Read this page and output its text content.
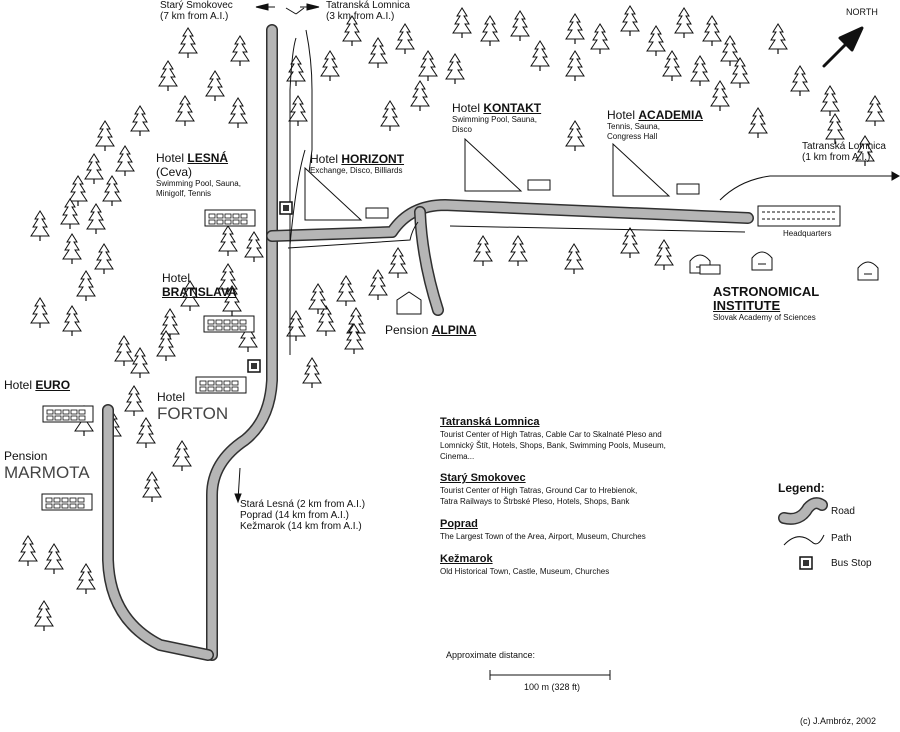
Starý Smokovec
(7 km from A.I.)
Tatranská Lomnica
(3 km from A.I.)
Tatranská Lomnica
(1 km from A.I.)
Stará Lesná (2 km from A.I.)
Poprad (14 km from A.I.)
Kežmarok (14 km from A.I.)
NORTH
Hotel LESNÁ
(Ceva)
Swimming Pool, Sauna,
Minigolf, Tennis
Hotel HORIZONT
Exchange, Disco, Billiards
Hotel KONTAKT
Swimming Pool, Sauna,
Disco
Hotel ACADEMIA
Tennis, Sauna,
Congress Hall
Hotel
BRATISLAVA
Hotel EURO
Hotel
FORTON
Pension
MARMOTA
Pension ALPINA
Headquarters
ASTRONOMICAL
INSTITUTE
Slovak Academy of Sciences
Tatranská Lomnica
Tourist Center of High Tatras, Cable Car to Skalnaté Pleso and
Lomnický Štít, Hotels, Shops, Bank, Swimming Pools, Museum,
Cinema...
Starý Smokovec
Tourist Center of High Tatras, Ground Car to Hrebienok,
Tatra Railways to Štrbské Pleso, Hotels, Shops, Bank
Poprad
The Largest Town of the Area, Airport, Museum, Churches
Kežmarok
Old Historical Town, Castle, Museum, Churches
Legend:
Road
Path
Bus Stop
Approximate distance:
100 m (328 ft)
(c) J.Ambróz, 2002
